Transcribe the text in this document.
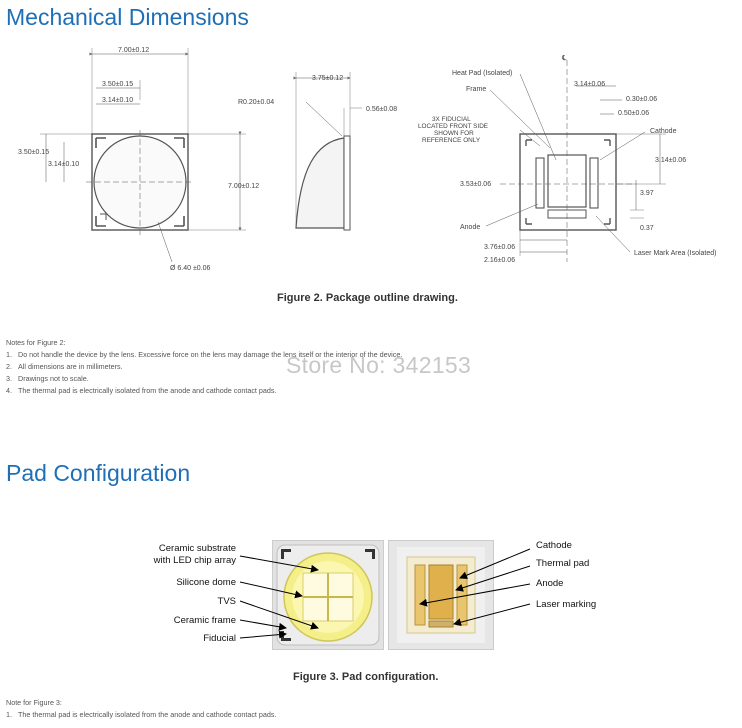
Mechanical Dimensions
7.00±0.12
3.50±0.15
3.14±0.10
3.50±0.15
3.14±0.10
7.00±0.12
Ø 6.40 ±0.06
3.75±0.12
R0.20±0.04
0.56±0.08
℄
Heat Pad (Isolated)
Frame
3X FIDUCIAL
LOCATED FRONT SIDE
SHOWN FOR
REFERENCE ONLY
Cathode
Anode
Laser Mark Area (Isolated)
3.14±0.06
0.30±0.06
0.50±0.06
3.14±0.06
3.97
0.37
3.53±0.06
3.76±0.06
2.16±0.06
Figure 2. Package outline drawing.
Notes for Figure 2:
1. Do not handle the device by the lens. Excessive force on the lens may damage the lens itself or the interior of the device.
2. All dimensions are in millimeters.
3. Drawings not to scale.
4. The thermal pad is electrically isolated from the anode and cathode contact pads.
Store No: 342153
Pad Configuration
Ceramic substrate
with LED chip array
Silicone dome
TVS
Ceramic frame
Fiducial
Cathode
Thermal pad
Anode
Laser marking
Figure 3. Pad configuration.
Note for Figure 3:
1. The thermal pad is electrically isolated from the anode and cathode contact pads.
